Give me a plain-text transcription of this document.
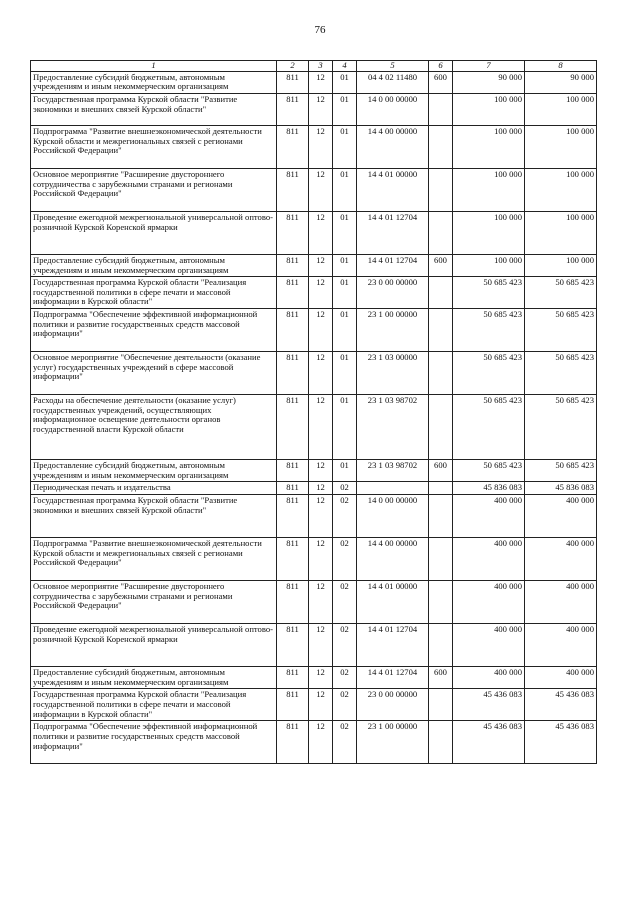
76
1	2	3	4	5	6	7	8
Предоставление субсидий бюджетным, автономным учреждениям и иным некоммерческим организациям	811	12	01	04 4 02 11480	600	90 000	90 000
Государственная программа Курской области "Развитие экономики и внешних связей Курской области"	811	12	01	14 0 00 00000		100 000	100 000
Подпрограмма "Развитие внешнеэкономической деятельности Курской области и межрегиональных связей с регионами Российской Федерации"	811	12	01	14 4 00 00000		100 000	100 000
Основное мероприятие "Расширение двустороннего сотрудничества с зарубежными странами и регионами Российской Федерации"	811	12	01	14 4 01 00000		100 000	100 000
Проведение ежегодной межрегиональной универсальной оптово-розничной Курской Коренской ярмарки	811	12	01	14 4 01 12704		100 000	100 000
Предоставление субсидий бюджетным, автономным учреждениям и иным некоммерческим организациям	811	12	01	14 4 01 12704	600	100 000	100 000
Государственная программа Курской области "Реализация государственной политики в сфере печати и массовой информации в Курской области"	811	12	01	23 0 00 00000		50 685 423	50 685 423
Подпрограмма "Обеспечение эффективной информационной политики и развитие государственных средств массовой информации"	811	12	01	23 1 00 00000		50 685 423	50 685 423
Основное мероприятие "Обеспечение деятельности (оказание услуг) государственных учреждений в сфере массовой информации"	811	12	01	23 1 03 00000		50 685 423	50 685 423
Расходы на обеспечение деятельности (оказание услуг) государственных учреждений, осуществляющих информационное освещение деятельности органов государственной власти Курской области	811	12	01	23 1 03 98702		50 685 423	50 685 423
Предоставление субсидий бюджетным, автономным учреждениям и иным некоммерческим организациям	811	12	01	23 1 03 98702	600	50 685 423	50 685 423
Периодическая печать и издательства	811	12	02			45 836 083	45 836 083
Государственная программа Курской области "Развитие экономики и внешних связей Курской области"	811	12	02	14 0 00 00000		400 000	400 000
Подпрограмма "Развитие внешнеэкономической деятельности Курской области и межрегиональных связей с регионами Российской Федерации"	811	12	02	14 4 00 00000		400 000	400 000
Основное мероприятие "Расширение двустороннего сотрудничества с зарубежными странами и регионами Российской Федерации"	811	12	02	14 4 01 00000		400 000	400 000
Проведение ежегодной межрегиональной универсальной оптово-розничной Курской Коренской ярмарки	811	12	02	14 4 01 12704		400 000	400 000
Предоставление субсидий бюджетным, автономным учреждениям и иным некоммерческим организациям	811	12	02	14 4 01 12704	600	400 000	400 000
Государственная программа Курской области "Реализация государственной политики в сфере печати и массовой информации в Курской области"	811	12	02	23 0 00 00000		45 436 083	45 436 083
Подпрограмма "Обеспечение эффективной информационной политики и развитие государственных средств массовой информации"	811	12	02	23 1 00 00000		45 436 083	45 436 083
